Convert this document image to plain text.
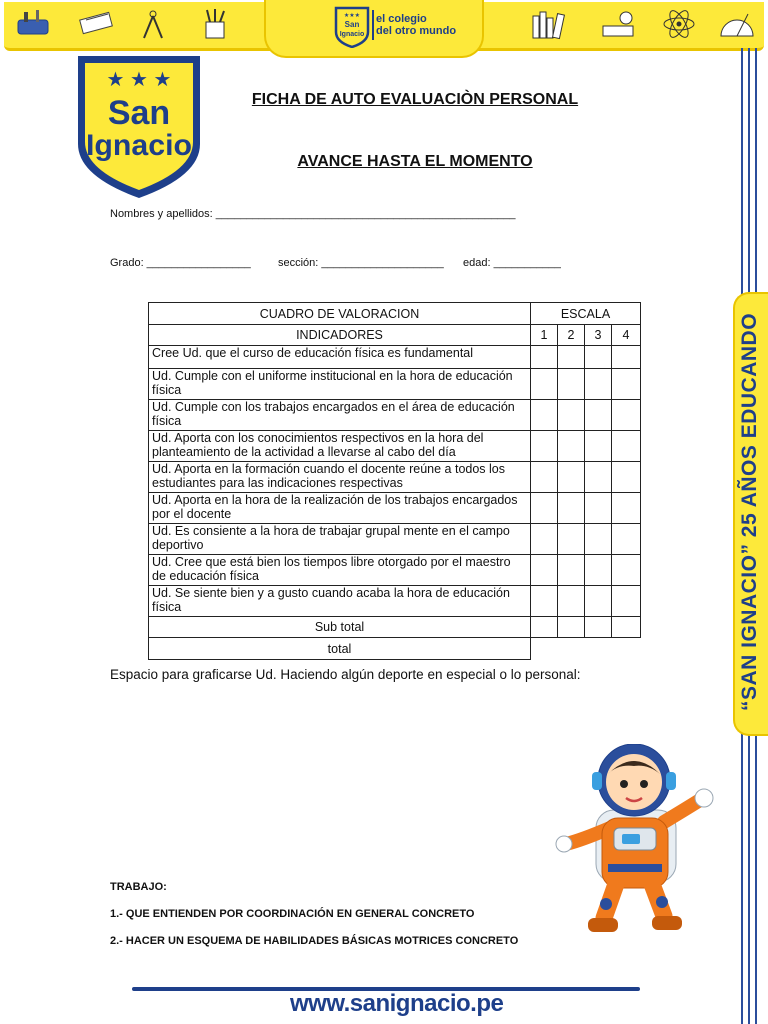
★★★
San
Ignacio
el colegio
del otro mundo
“SAN IGNACIO” 25 AÑOS EDUCANDO
★ ★ ★
San
Ignacio
FICHA DE AUTO EVALUACIÒN PERSONAL
AVANCE HASTA EL MOMENTO
Nombres y apellidos: _________________________________________________
Grado: _________________ sección: ____________________ edad: ___________
CUADRO DE VALORACION	ESCALA			
INDICADORES	1	2	3	4
Cree Ud. que el curso de educación física es fundamental				
Ud. Cumple con el uniforme institucional en la hora de educación física				
Ud. Cumple con los trabajos encargados en el área de educación física				
Ud. Aporta con los conocimientos respectivos en la hora del planteamiento de la actividad a llevarse al cabo del día				
Ud. Aporta en la formación cuando el docente reúne a todos los estudiantes para las indicaciones respectivas				
Ud. Aporta en la hora de la realización de los trabajos encargados por el docente				
Ud. Es consiente a la hora de trabajar grupal mente en el campo deportivo				
Ud. Cree que está bien los tiempos libre otorgado por el maestro de educación física				
Ud. Se siente bien y a gusto cuando acaba la hora de educación física				
Sub total				
total				
Espacio para graficarse Ud. Haciendo algún deporte en especial o lo personal:
TRABAJO:
1.- QUE ENTIENDEN POR COORDINACIÓN EN GENERAL CONCRETO
2.- HACER UN ESQUEMA DE HABILIDADES BÁSICAS MOTRICES CONCRETO
www.sanignacio.pe
